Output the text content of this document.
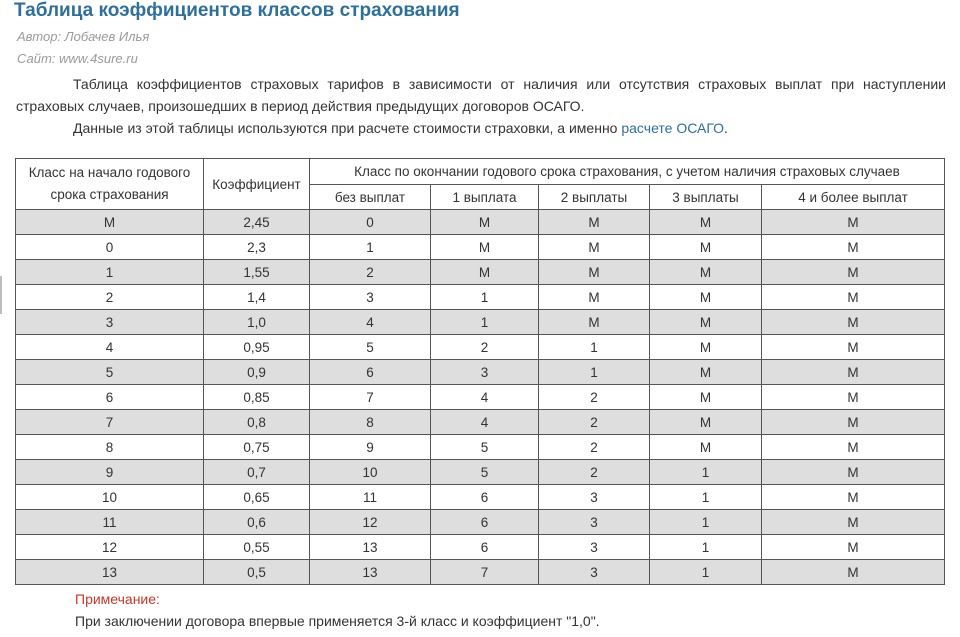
Таблица коэффициентов классов страхования
Автор: Лобачев Илья
Сайт: www.4sure.ru

Таблица коэффициентов страховых тарифов в зависимости от наличия или отсутствия страховых выплат при наступлении страховых случаев, произошедших в период действия предыдущих договоров ОСАГО.

Данные из этой таблицы используются при расчете стоимости страховки, а именно расчете ОСАГО.

Класс на начало годового срока страхования	Коэффициент	Класс по окончании годового срока страхования, с учетом наличия страховых случаев				
		без выплат	1 выплата	2 выплаты	3 выплаты	4 и более выплат
М	2,45	0	М	М	М	М
0	2,3	1	М	М	М	М
1	1,55	2	М	М	М	М
2	1,4	3	1	М	М	М
3	1,0	4	1	М	М	М
4	0,95	5	2	1	М	М
5	0,9	6	3	1	М	М
6	0,85	7	4	2	М	М
7	0,8	8	4	2	М	М
8	0,75	9	5	2	М	М
9	0,7	10	5	2	1	М
10	0,65	11	6	3	1	М
11	0,6	12	6	3	1	М
12	0,55	13	6	3	1	М
13	0,5	13	7	3	1	М
Примечание:
При заключении договора впервые применяется 3-й класс и коэффициент "1,0".
